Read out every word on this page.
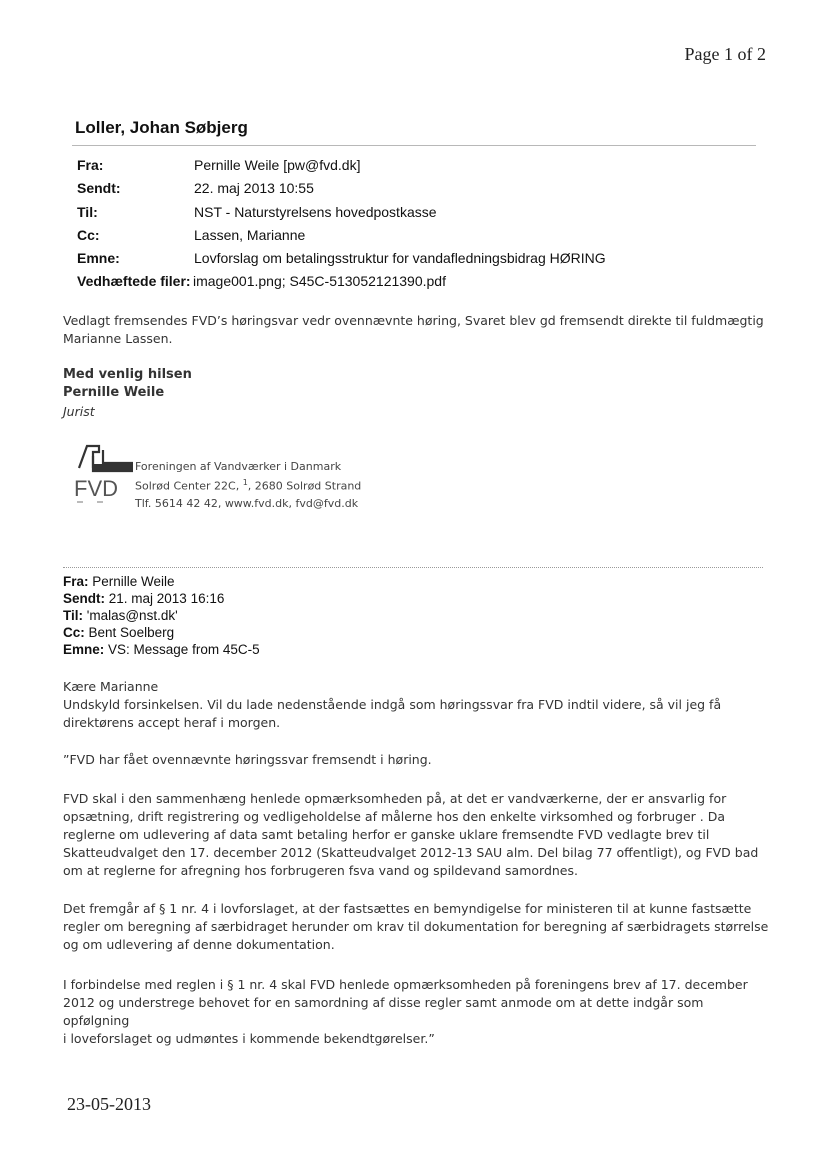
Page 1 of 2
Loller, Johan Søbjerg
Fra:	Pernille Weile [pw@fvd.dk]
Sendt:	22. maj 2013 10:55
Til:	NST - Naturstyrelsens hovedpostkasse
Cc:	Lassen, Marianne
Emne:	Lovforslag om betalingsstruktur for vandafledningsbidrag HØRING
Vedhæftede filer: image001.png; S45C-513052121390.pdf
Vedlagt fremsendes FVD’s høringsvar vedr ovennævnte høring, Svaret blev gd fremsendt direkte til fuldmægtig
Marianne Lassen.
Med venlig hilsen
Pernille Weile
Jurist
FVD
Foreningen af Vandværker i Danmark
Solrød Center 22C, $^1$, 2680 Solrød Strand
Tlf. 5614 42 42, www.fvd.dk, fvd@fvd.dk
Fra: Pernille Weile
Sendt: 21. maj 2013 16:16
Til: 'malas@nst.dk'
Cc: Bent Soelberg
Emne: VS: Message from 45C-5
Kære Marianne
Undskyld forsinkelsen. Vil du lade nedenstående indgå som høringssvar fra FVD indtil videre, så vil jeg få
direktørens accept heraf i morgen.
”FVD har fået ovennævnte høringssvar fremsendt i høring.
FVD skal i den sammenhæng henlede opmærksomheden på, at det er vandværkerne, der er ansvarlig for
opsætning, drift registrering og vedligeholdelse af målerne hos den enkelte virksomhed og forbruger . Da
reglerne om udlevering af data samt betaling herfor er ganske uklare fremsendte FVD vedlagte brev til
Skatteudvalget den 17. december 2012 (Skatteudvalget 2012-13 SAU alm. Del bilag 77 offentligt), og FVD bad
om at reglerne for afregning hos forbrugeren fsva vand og spildevand samordnes.
Det fremgår af § 1 nr. 4 i lovforslaget, at der fastsættes en bemyndigelse for ministeren til at kunne fastsætte
regler om beregning af særbidraget herunder om krav til dokumentation for beregning af særbidragets størrelse
og om udlevering af denne dokumentation.
I forbindelse med reglen i § 1 nr. 4 skal FVD henlede opmærksomheden på foreningens brev af 17. december
2012 og understrege behovet for en samordning af disse regler samt anmode om at dette indgår som opfølgning
i loveforslaget og udmøntes i kommende bekendtgørelser.”
23-05-2013
